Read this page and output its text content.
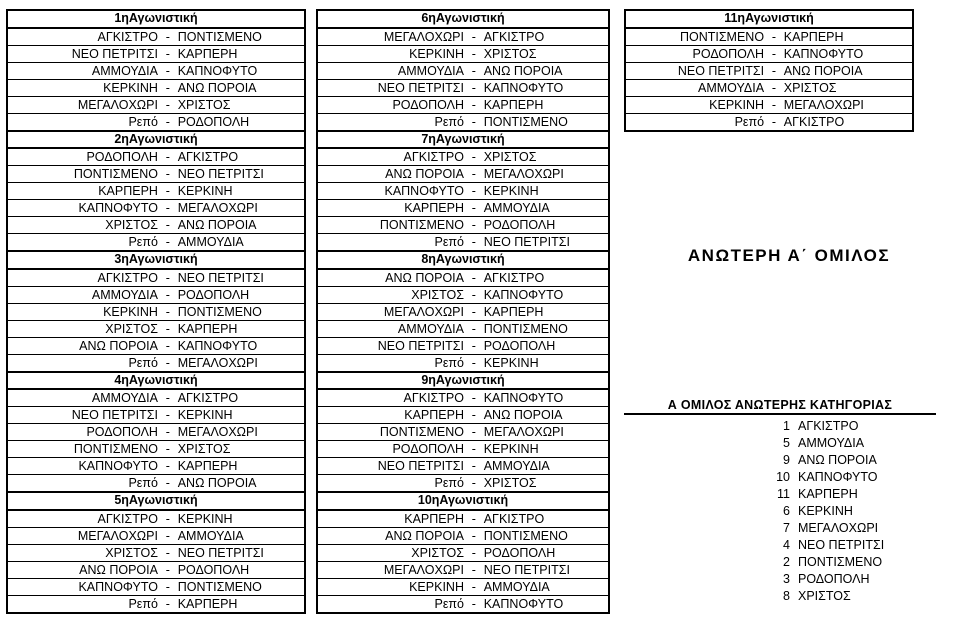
1ηΑγωνιστική
ΑΓΚΙΣΤΡΟ - ΠΟΝΤΙΣΜΕΝΟ
ΝΕΟ ΠΕΤΡΙΤΣΙ - ΚΑΡΠΕΡΗ
ΑΜΜΟΥΔΙΑ - ΚΑΠΝΟΦΥΤΟ
ΚΕΡΚΙΝΗ - ΑΝΩ ΠΟΡΟΙΑ
ΜΕΓΑΛΟΧΩΡΙ - ΧΡΙΣΤΟΣ
Ρεπό - ΡΟΔΟΠΟΛΗ
2ηΑγωνιστική
ΡΟΔΟΠΟΛΗ - ΑΓΚΙΣΤΡΟ
ΠΟΝΤΙΣΜΕΝΟ - ΝΕΟ ΠΕΤΡΙΤΣΙ
ΚΑΡΠΕΡΗ - ΚΕΡΚΙΝΗ
ΚΑΠΝΟΦΥΤΟ - ΜΕΓΑΛΟΧΩΡΙ
ΧΡΙΣΤΟΣ - ΑΝΩ ΠΟΡΟΙΑ
Ρεπό - ΑΜΜΟΥΔΙΑ
3ηΑγωνιστική
ΑΓΚΙΣΤΡΟ - ΝΕΟ ΠΕΤΡΙΤΣΙ
ΑΜΜΟΥΔΙΑ - ΡΟΔΟΠΟΛΗ
ΚΕΡΚΙΝΗ - ΠΟΝΤΙΣΜΕΝΟ
ΧΡΙΣΤΟΣ - ΚΑΡΠΕΡΗ
ΑΝΩ ΠΟΡΟΙΑ - ΚΑΠΝΟΦΥΤΟ
Ρεπό - ΜΕΓΑΛΟΧΩΡΙ
4ηΑγωνιστική
ΑΜΜΟΥΔΙΑ - ΑΓΚΙΣΤΡΟ
ΝΕΟ ΠΕΤΡΙΤΣΙ - ΚΕΡΚΙΝΗ
ΡΟΔΟΠΟΛΗ - ΜΕΓΑΛΟΧΩΡΙ
ΠΟΝΤΙΣΜΕΝΟ - ΧΡΙΣΤΟΣ
ΚΑΠΝΟΦΥΤΟ - ΚΑΡΠΕΡΗ
Ρεπό - ΑΝΩ ΠΟΡΟΙΑ
5ηΑγωνιστική
ΑΓΚΙΣΤΡΟ - ΚΕΡΚΙΝΗ
ΜΕΓΑΛΟΧΩΡΙ - ΑΜΜΟΥΔΙΑ
ΧΡΙΣΤΟΣ - ΝΕΟ ΠΕΤΡΙΤΣΙ
ΑΝΩ ΠΟΡΟΙΑ - ΡΟΔΟΠΟΛΗ
ΚΑΠΝΟΦΥΤΟ - ΠΟΝΤΙΣΜΕΝΟ
Ρεπό - ΚΑΡΠΕΡΗ
6ηΑγωνιστική
ΜΕΓΑΛΟΧΩΡΙ - ΑΓΚΙΣΤΡΟ
ΚΕΡΚΙΝΗ - ΧΡΙΣΤΟΣ
ΑΜΜΟΥΔΙΑ - ΑΝΩ ΠΟΡΟΙΑ
ΝΕΟ ΠΕΤΡΙΤΣΙ - ΚΑΠΝΟΦΥΤΟ
ΡΟΔΟΠΟΛΗ - ΚΑΡΠΕΡΗ
Ρεπό - ΠΟΝΤΙΣΜΕΝΟ
7ηΑγωνιστική
ΑΓΚΙΣΤΡΟ - ΧΡΙΣΤΟΣ
ΑΝΩ ΠΟΡΟΙΑ - ΜΕΓΑΛΟΧΩΡΙ
ΚΑΠΝΟΦΥΤΟ - ΚΕΡΚΙΝΗ
ΚΑΡΠΕΡΗ - ΑΜΜΟΥΔΙΑ
ΠΟΝΤΙΣΜΕΝΟ - ΡΟΔΟΠΟΛΗ
Ρεπό - ΝΕΟ ΠΕΤΡΙΤΣΙ
8ηΑγωνιστική
ΑΝΩ ΠΟΡΟΙΑ - ΑΓΚΙΣΤΡΟ
ΧΡΙΣΤΟΣ - ΚΑΠΝΟΦΥΤΟ
ΜΕΓΑΛΟΧΩΡΙ - ΚΑΡΠΕΡΗ
ΑΜΜΟΥΔΙΑ - ΠΟΝΤΙΣΜΕΝΟ
ΝΕΟ ΠΕΤΡΙΤΣΙ - ΡΟΔΟΠΟΛΗ
Ρεπό - ΚΕΡΚΙΝΗ
9ηΑγωνιστική
ΑΓΚΙΣΤΡΟ - ΚΑΠΝΟΦΥΤΟ
ΚΑΡΠΕΡΗ - ΑΝΩ ΠΟΡΟΙΑ
ΠΟΝΤΙΣΜΕΝΟ - ΜΕΓΑΛΟΧΩΡΙ
ΡΟΔΟΠΟΛΗ - ΚΕΡΚΙΝΗ
ΝΕΟ ΠΕΤΡΙΤΣΙ - ΑΜΜΟΥΔΙΑ
Ρεπό - ΧΡΙΣΤΟΣ
10ηΑγωνιστική
ΚΑΡΠΕΡΗ - ΑΓΚΙΣΤΡΟ
ΑΝΩ ΠΟΡΟΙΑ - ΠΟΝΤΙΣΜΕΝΟ
ΧΡΙΣΤΟΣ - ΡΟΔΟΠΟΛΗ
ΜΕΓΑΛΟΧΩΡΙ - ΝΕΟ ΠΕΤΡΙΤΣΙ
ΚΕΡΚΙΝΗ - ΑΜΜΟΥΔΙΑ
Ρεπό - ΚΑΠΝΟΦΥΤΟ
11ηΑγωνιστική
ΠΟΝΤΙΣΜΕΝΟ - ΚΑΡΠΕΡΗ
ΡΟΔΟΠΟΛΗ - ΚΑΠΝΟΦΥΤΟ
ΝΕΟ ΠΕΤΡΙΤΣΙ - ΑΝΩ ΠΟΡΟΙΑ
ΑΜΜΟΥΔΙΑ - ΧΡΙΣΤΟΣ
ΚΕΡΚΙΝΗ - ΜΕΓΑΛΟΧΩΡΙ
Ρεπό - ΑΓΚΙΣΤΡΟ
ΑΝΩΤΕΡΗ Α΄ ΟΜΙΛΟΣ
Α ΟΜΙΛΟΣ ΑΝΩΤΕΡΗΣ ΚΑΤΗΓΟΡΙΑΣ
1 ΑΓΚΙΣΤΡΟ
5 ΑΜΜΟΥΔΙΑ
9 ΑΝΩ ΠΟΡΟΙΑ
10 ΚΑΠΝΟΦΥΤΟ
11 ΚΑΡΠΕΡΗ
6 ΚΕΡΚΙΝΗ
7 ΜΕΓΑΛΟΧΩΡΙ
4 ΝΕΟ ΠΕΤΡΙΤΣΙ
2 ΠΟΝΤΙΣΜΕΝΟ
3 ΡΟΔΟΠΟΛΗ
8 ΧΡΙΣΤΟΣ
